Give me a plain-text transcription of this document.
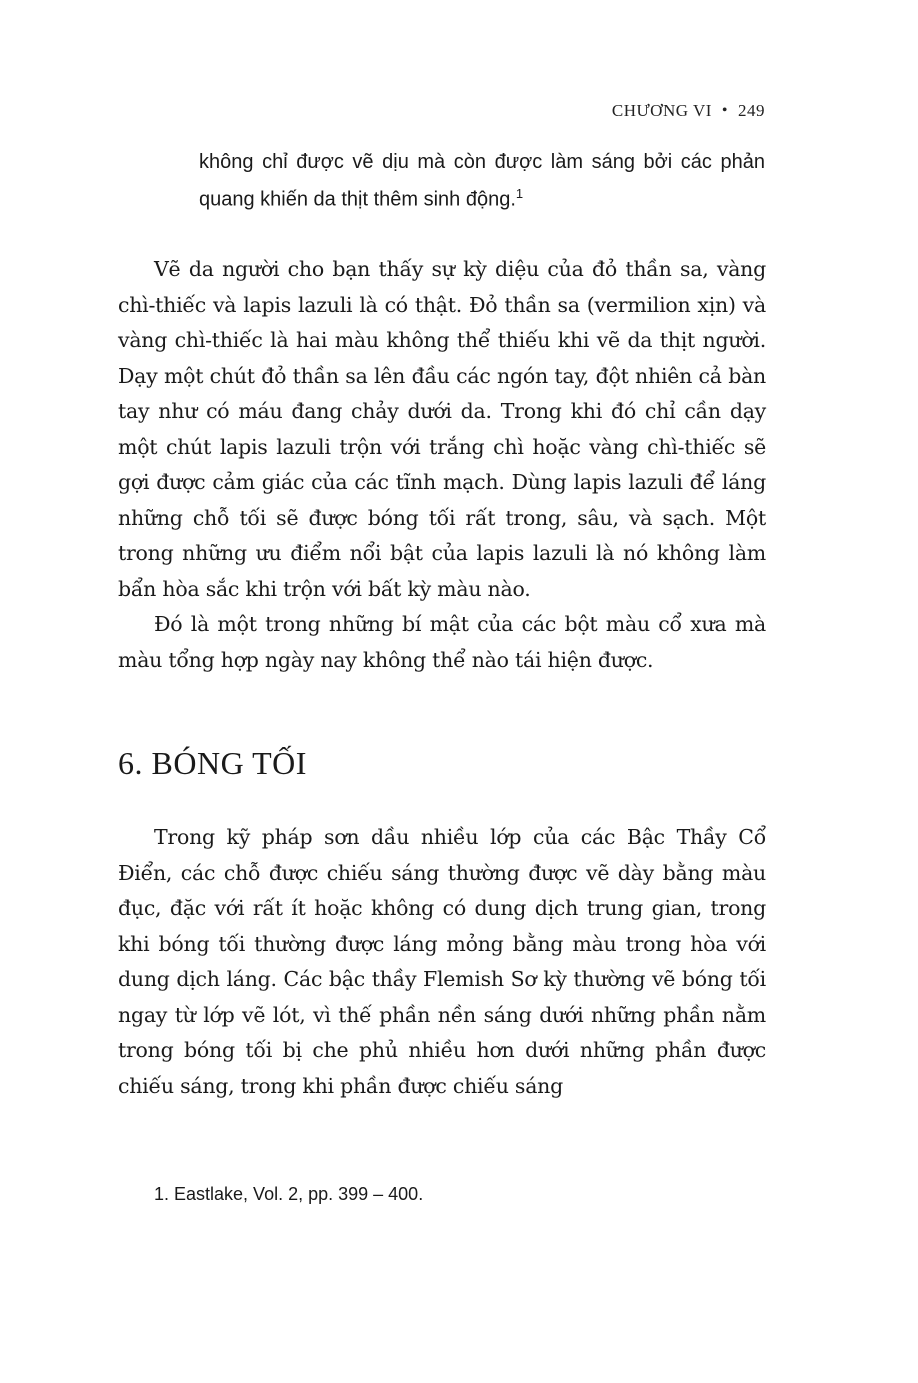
CHƯƠNG VI • 249
không chỉ được vẽ dịu mà còn được làm sáng bởi các phản quang khiến da thịt thêm sinh động.$^1$

Vẽ da người cho bạn thấy sự kỳ diệu của đỏ thần sa, vàng chì-thiếc và lapis lazuli là có thật. Đỏ thần sa (vermilion xịn) và vàng chì-thiếc là hai màu không thể thiếu khi vẽ da thịt người. Dạy một chút đỏ thần sa lên đầu các ngón tay, đột nhiên cả bàn tay như có máu đang chảy dưới da. Trong khi đó chỉ cần dạy một chút lapis lazuli trộn với trắng chì hoặc vàng chì-thiếc sẽ gợi được cảm giác của các tĩnh mạch. Dùng lapis lazuli để láng những chỗ tối sẽ được bóng tối rất trong, sâu, và sạch. Một trong những ưu điểm nổi bật của lapis lazuli là nó không làm bẩn hòa sắc khi trộn với bất kỳ màu nào.

Đó là một trong những bí mật của các bột màu cổ xưa mà màu tổng hợp ngày nay không thể nào tái hiện được.

6. BÓNG TỐI

Trong kỹ pháp sơn dầu nhiều lớp của các Bậc Thầy Cổ Điển, các chỗ được chiếu sáng thường được vẽ dày bằng màu đục, đặc với rất ít hoặc không có dung dịch trung gian, trong khi bóng tối thường được láng mỏng bằng màu trong hòa với dung dịch láng. Các bậc thầy Flemish Sơ kỳ thường vẽ bóng tối ngay từ lớp vẽ lót, vì thế phần nền sáng dưới những phần nằm trong bóng tối bị che phủ nhiều hơn dưới những phần được chiếu sáng, trong khi phần được chiếu sáng

1. Eastlake, Vol. 2, pp. 399 – 400.
